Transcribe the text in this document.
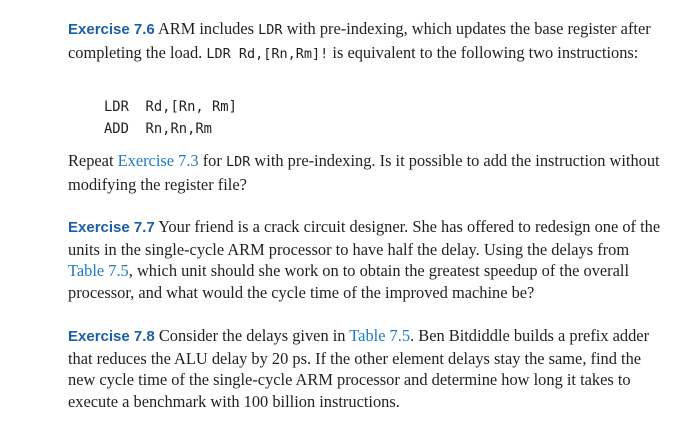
Exercise 7.6 ARM includes LDR with pre-indexing, which updates the base register after completing the load. LDR Rd,[Rn,Rm]! is equivalent to the following two instructions:

LDR  Rd,[Rn, Rm]
ADD  Rn,Rn,Rm

Repeat Exercise 7.3 for LDR with pre-indexing. Is it possible to add the instruction without modifying the register file?

Exercise 7.7 Your friend is a crack circuit designer. She has offered to redesign one of the units in the single-cycle ARM processor to have half the delay. Using the delays from Table 7.5, which unit should she work on to obtain the greatest speedup of the overall processor, and what would the cycle time of the improved machine be?

Exercise 7.8 Consider the delays given in Table 7.5. Ben Bitdiddle builds a prefix adder that reduces the ALU delay by 20 ps. If the other element delays stay the same, find the new cycle time of the single-cycle ARM processor and determine how long it takes to execute a benchmark with 100 billion instructions.
